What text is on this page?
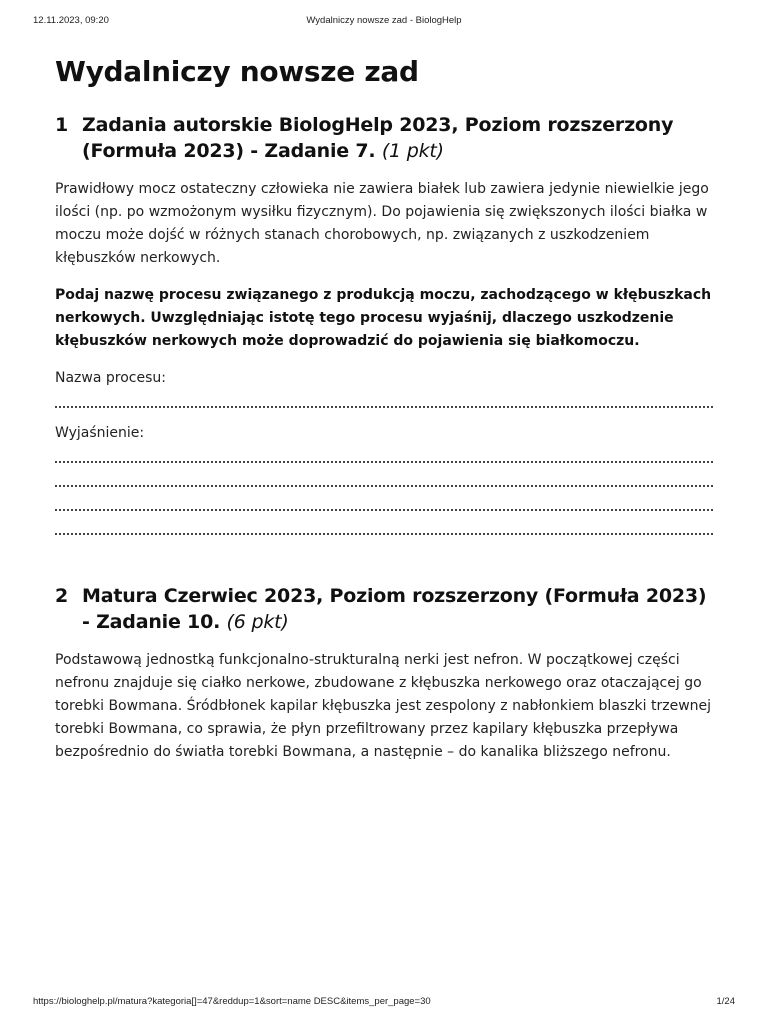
12.11.2023, 09:20	Wydalniczy nowsze zad - BiologHelp
Wydalniczy nowsze zad
1 Zadania autorskie BiologHelp 2023, Poziom rozszerzony (Formuła 2023) - Zadanie 7. (1 pkt)

Prawidłowy mocz ostateczny człowieka nie zawiera białek lub zawiera jedynie niewielkie jego ilości (np. po wzmożonym wysiłku fizycznym). Do pojawienia się zwiększonych ilości białka w moczu może dojść w różnych stanach chorobowych, np. związanych z uszkodzeniem kłębuszków nerkowych.

Podaj nazwę procesu związanego z produkcją moczu, zachodzącego w kłębuszkach nerkowych. Uwzględniając istotę tego procesu wyjaśnij, dlaczego uszkodzenie kłębuszków nerkowych może doprowadzić do pojawienia się białkomoczu.

Nazwa procesu:
Wyjaśnienie:
2 Matura Czerwiec 2023, Poziom rozszerzony (Formuła 2023) - Zadanie 10. (6 pkt)

Podstawową jednostką funkcjonalno-strukturalną nerki jest nefron. W początkowej części nefronu znajduje się ciałko nerkowe, zbudowane z kłębuszka nerkowego oraz otaczającej go torebki Bowmana. Śródbłonek kapilar kłębuszka jest zespolony z nabłonkiem blaszki trzewnej torebki Bowmana, co sprawia, że płyn przefiltrowany przez kapilary kłębuszka przepływa bezpośrednio do światła torebki Bowmana, a następnie – do kanalika bliższego nefronu.

https://biologhelp.pl/matura?kategoria[]=47&reddup=1&sort=name DESC&items_per_page=30	1/24
